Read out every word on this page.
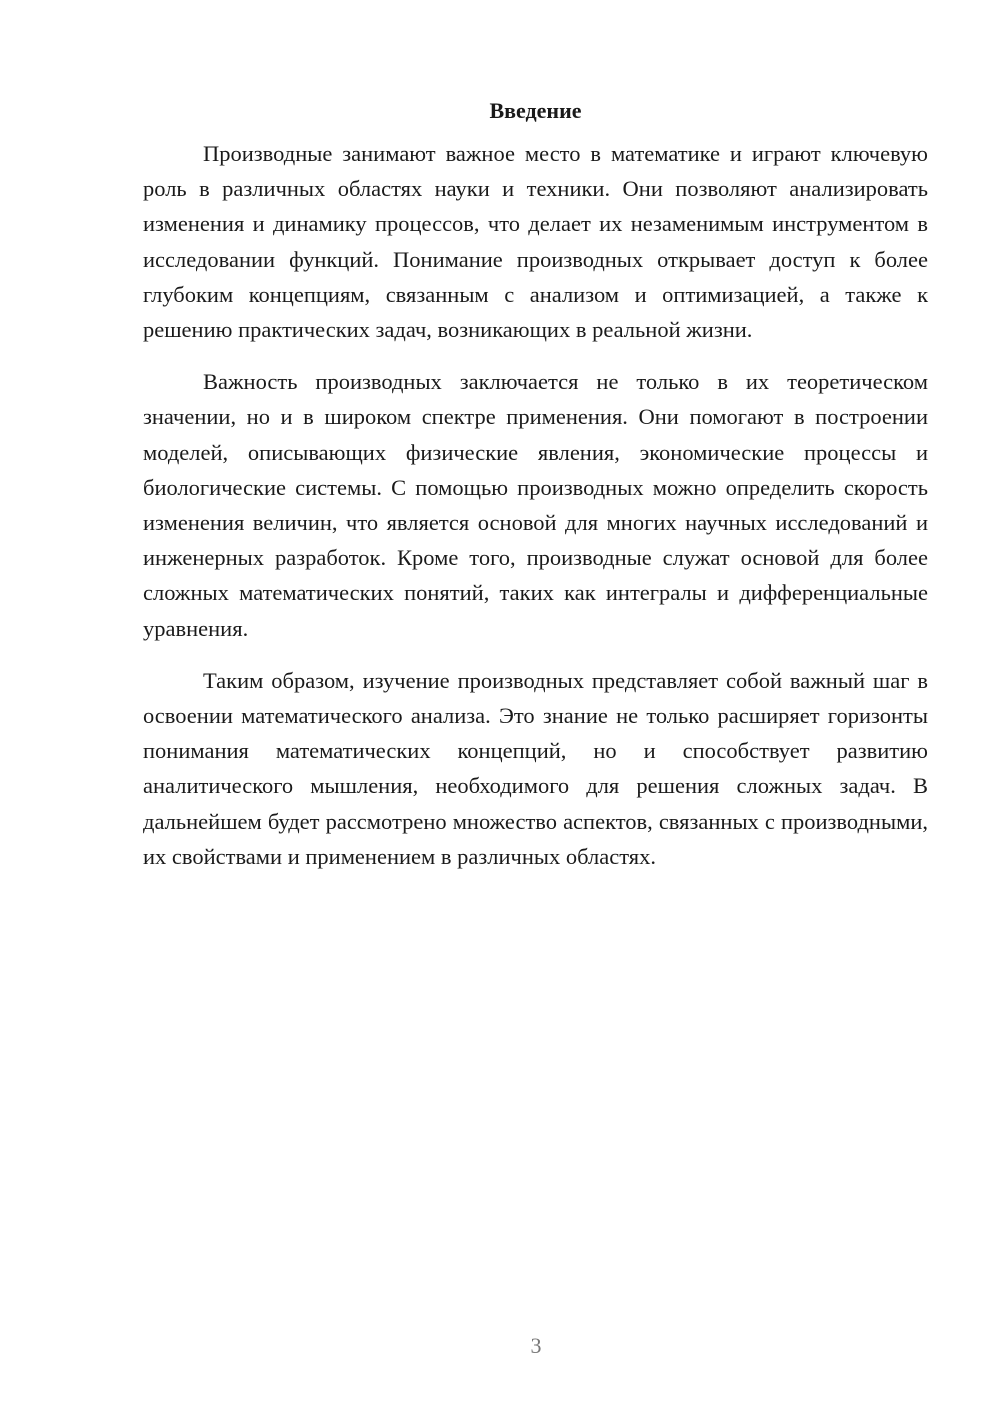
Введение

Производные занимают важное место в математике и играют ключевую роль в различных областях науки и техники. Они позволяют анализировать изменения и динамику процессов, что делает их незаменимым инструментом в исследовании функций. Понимание производных открывает доступ к более глубоким концепциям, связанным с анализом и оптимизацией, а также к решению практических задач, возникающих в реальной жизни.

Важность производных заключается не только в их теоретическом значении, но и в широком спектре применения. Они помогают в построении моделей, описывающих физические явления, экономические процессы и биологические системы. С помощью производных можно определить скорость изменения величин, что является основой для многих научных исследований и инженерных разработок. Кроме того, производные служат основой для более сложных математических понятий, таких как интегралы и дифференциальные уравнения.

Таким образом, изучение производных представляет собой важный шаг в освоении математического анализа. Это знание не только расширяет горизонты понимания математических концепций, но и способствует развитию аналитического мышления, необходимого для решения сложных задач. В дальнейшем будет рассмотрено множество аспектов, связанных с производными, их свойствами и применением в различных областях.

3
